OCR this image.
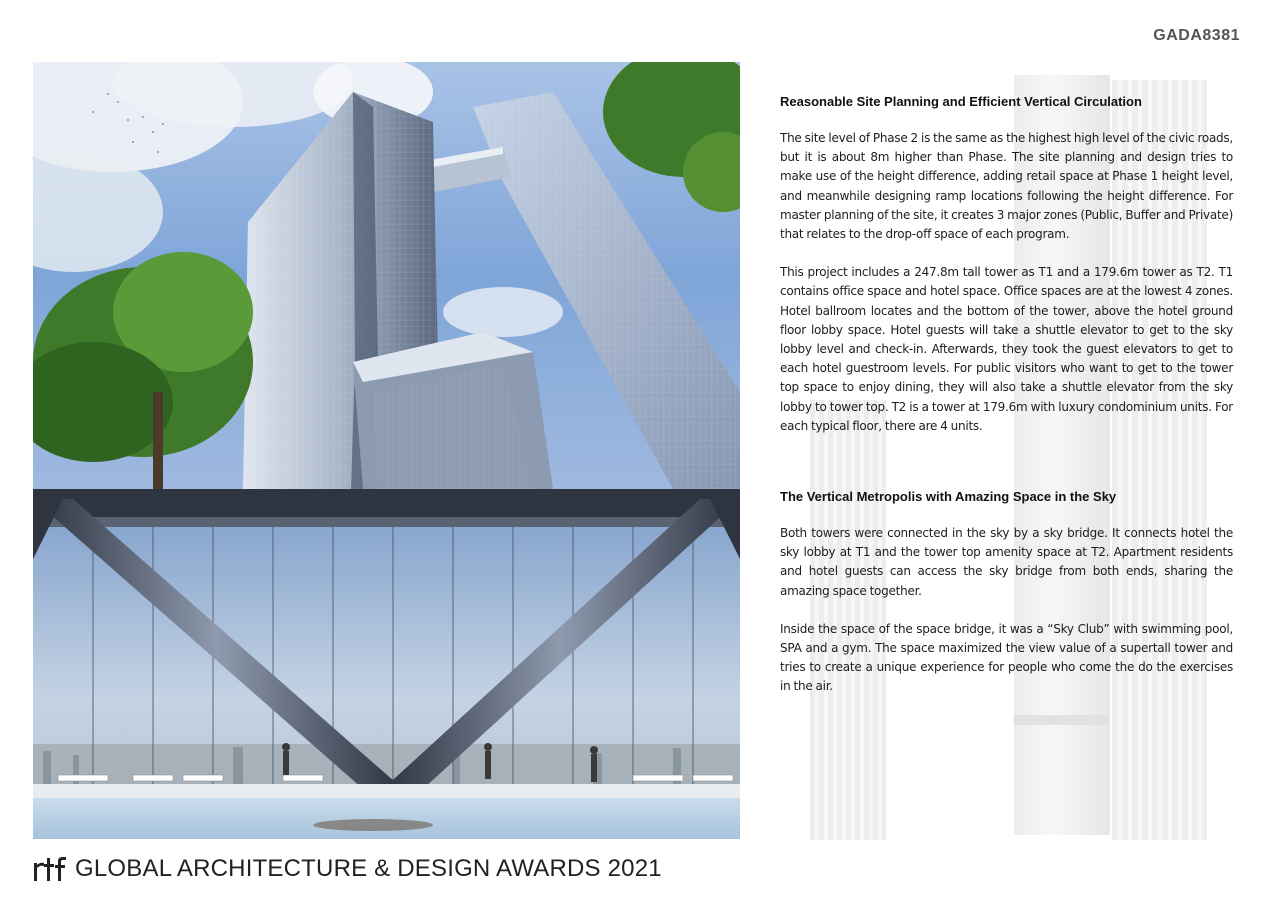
GADA8381
Reasonable Site Planning and Efficient Vertical Circulation

The site level of Phase 2 is the same as the highest high level of the civic roads, but it is about 8m higher than Phase. The site planning and design tries to make use of the height difference, adding retail space at Phase 1 height level, and meanwhile designing ramp locations following the height difference. For master planning of the site, it creates 3 major zones (Public, Buffer and Private) that relates to the drop-off space of each program.

This project includes a 247.8m tall tower as T1 and a 179.6m tower as T2. T1 contains office space and hotel space. Office spaces are at the lowest 4 zones. Hotel ballroom locates and the bottom of the tower, above the hotel ground floor lobby space. Hotel guests will take a shuttle elevator to get to the sky lobby level and check-in. Afterwards, they took the guest elevators to get to each hotel guestroom levels. For public visitors who want to get to the tower top space to enjoy dining, they will also take a shuttle elevator from the sky lobby to tower top. T2 is a tower at 179.6m with luxury condominium units. For each typical floor, there are 4 units.

The Vertical Metropolis with Amazing Space in the Sky

Both towers were connected in the sky by a sky bridge. It connects hotel the sky lobby at T1 and the tower top amenity space at T2. Apartment residents and hotel guests can access the sky bridge from both ends, sharing the amazing space together.

Inside the space of the space bridge, it was a “Sky Club” with swimming pool, SPA and a gym. The space maximized the view value of a supertall tower and tries to create a unique experience for people who come the do the exercises in the air.

GLOBAL ARCHITECTURE & DESIGN AWARDS 2021
